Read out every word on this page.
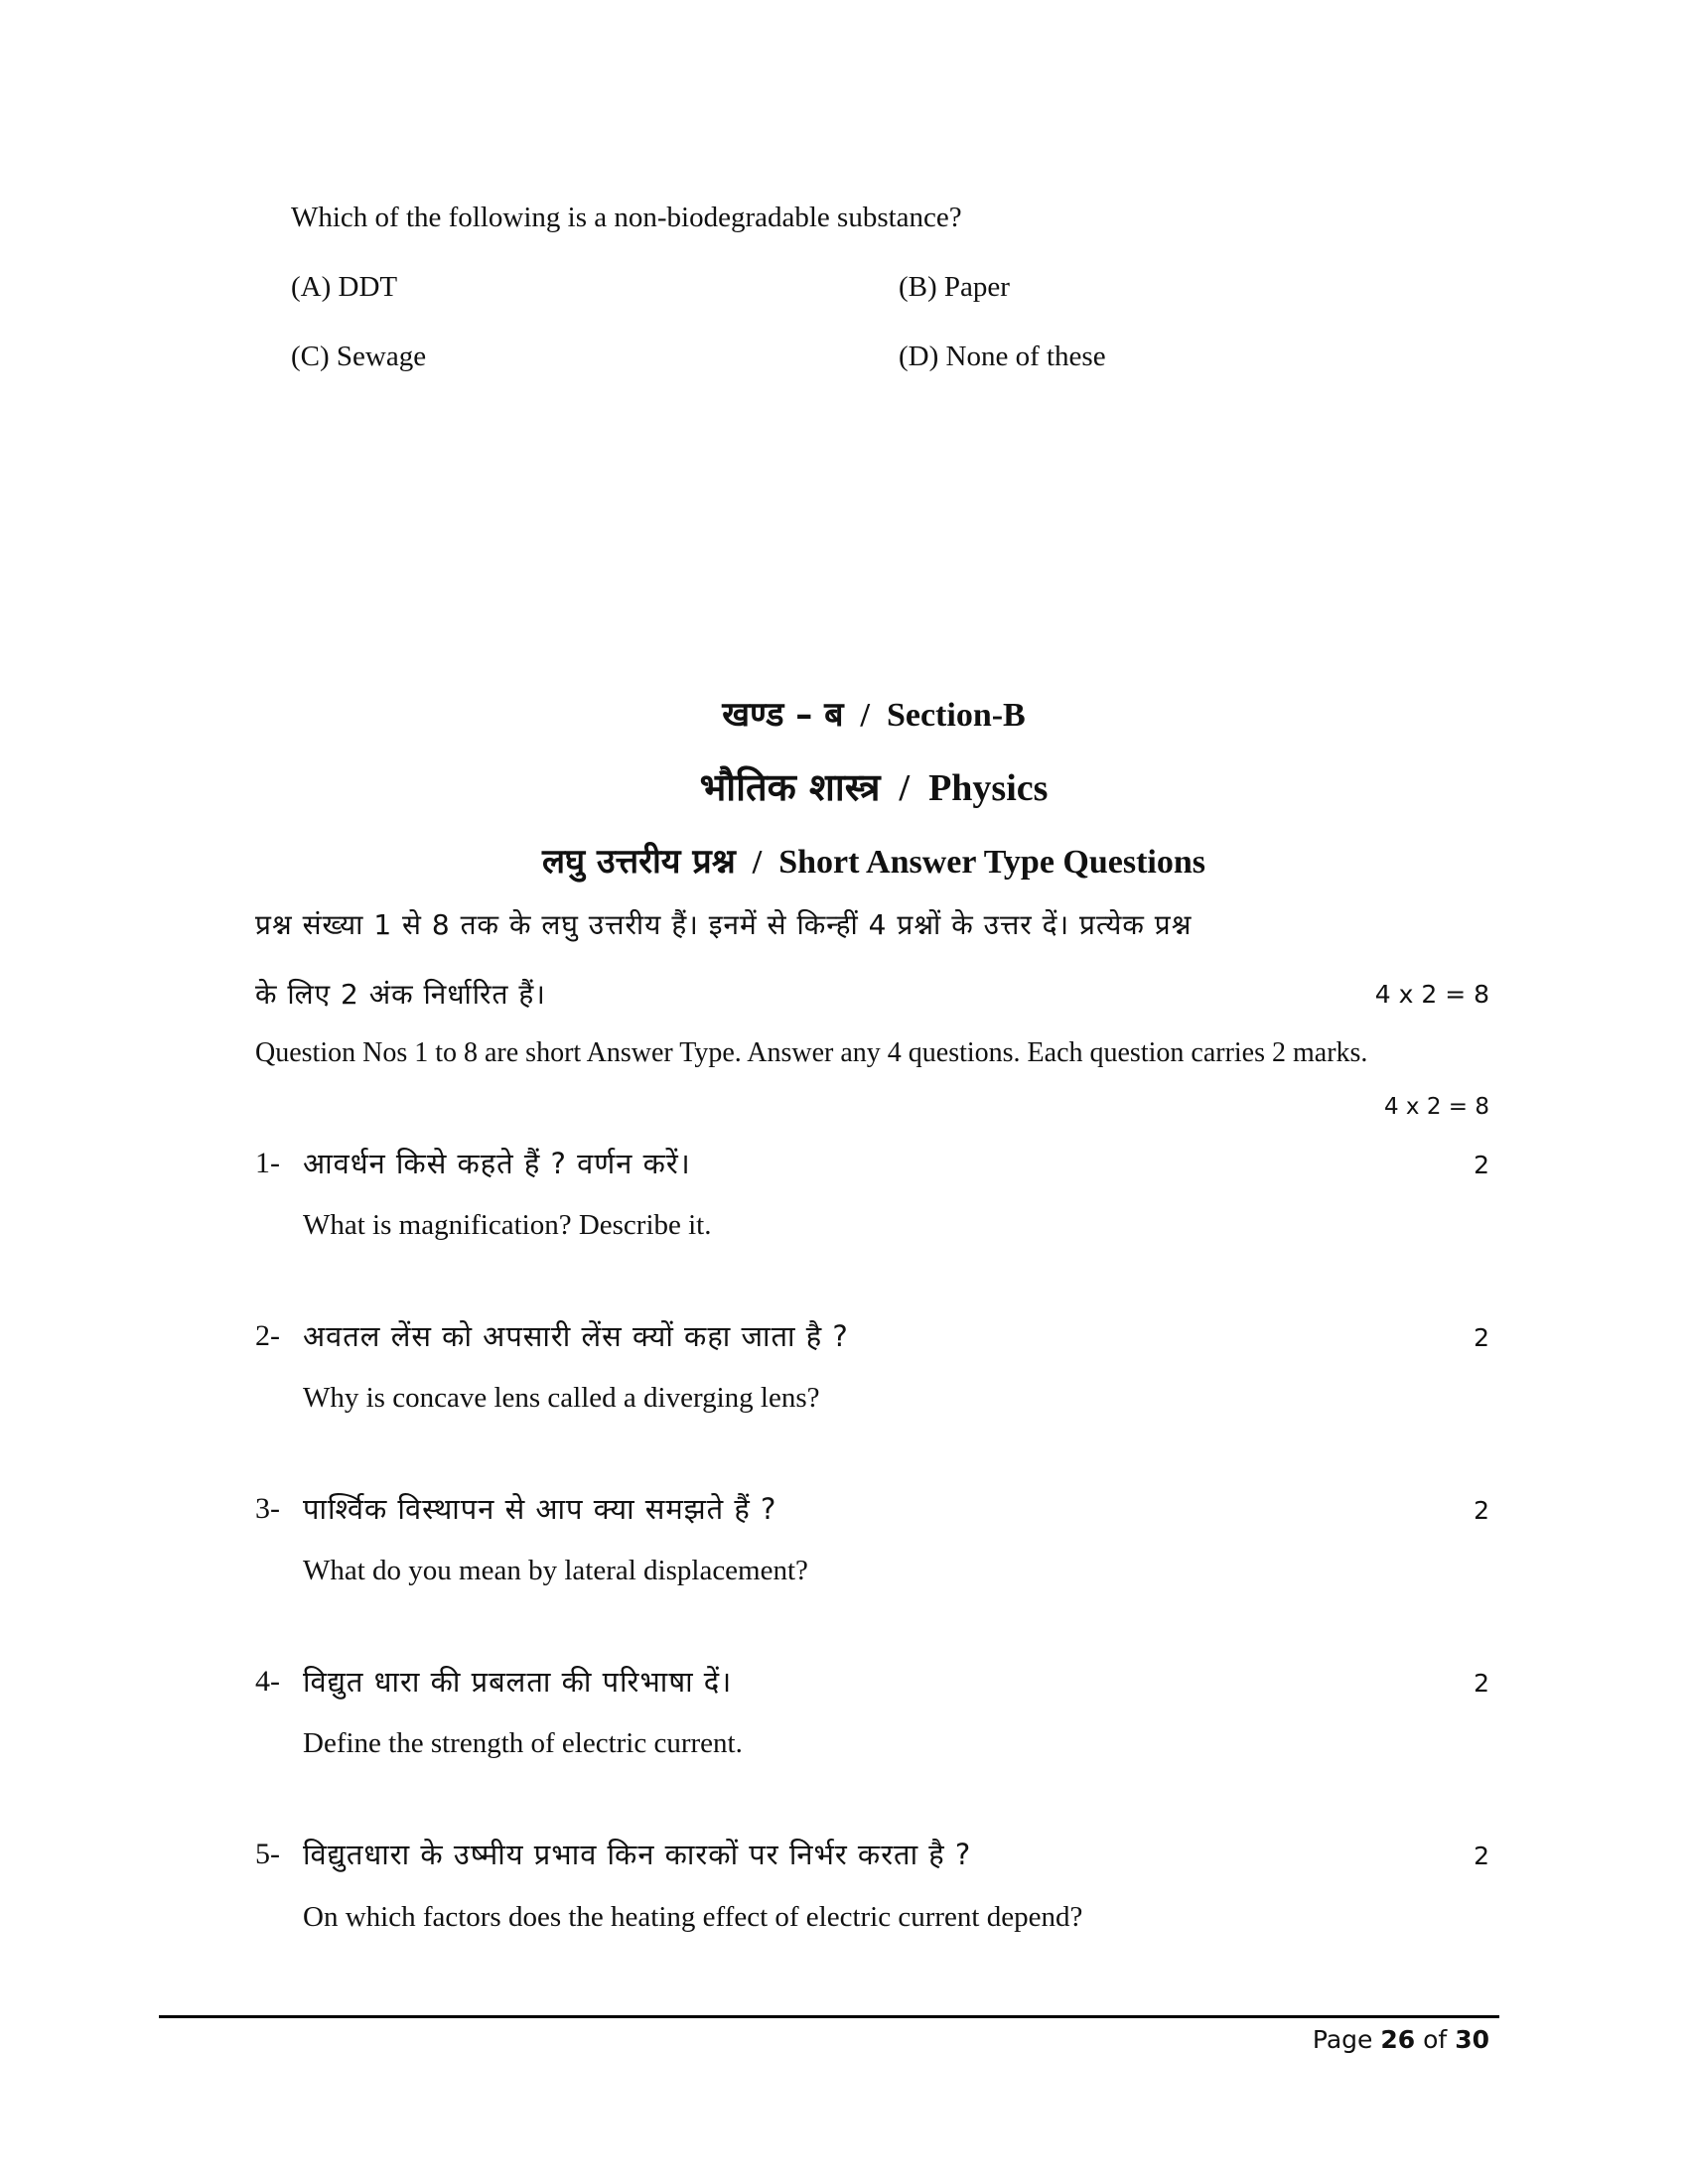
Which of the following is a non-biodegradable substance?
(A) DDT	(B) Paper
(C) Sewage	(D) None of these
खण्ड – ब / Section-B
भौतिक शास्त्र / Physics
लघु उत्तरीय प्रश्न / Short Answer Type Questions
प्रश्न संख्या 1 से 8 तक के लघु उत्तरीय हैं। इनमें से किन्हीं 4 प्रश्नों के उत्तर दें। प्रत्येक प्रश्न
के लिए 2 अंक निर्धारित हैं।	4 x 2 = 8
Question Nos 1 to 8 are short Answer Type. Answer any 4 questions. Each question carries 2 marks.
4 x 2 = 8
1- आवर्धन किसे कहते हैं ? वर्णन करें।	2
What is magnification? Describe it.
2- अवतल लेंस को अपसारी लेंस क्यों कहा जाता है ?	2
Why is concave lens called a diverging lens?
3- पार्श्विक विस्थापन से आप क्या समझते हैं ?	2
What do you mean by lateral displacement?
4- विद्युत धारा की प्रबलता की परिभाषा दें।	2
Define the strength of electric current.
5- विद्युतधारा के उष्मीय प्रभाव किन कारकों पर निर्भर करता है ?	2
On which factors does the heating effect of electric current depend?
Page 26 of 30
